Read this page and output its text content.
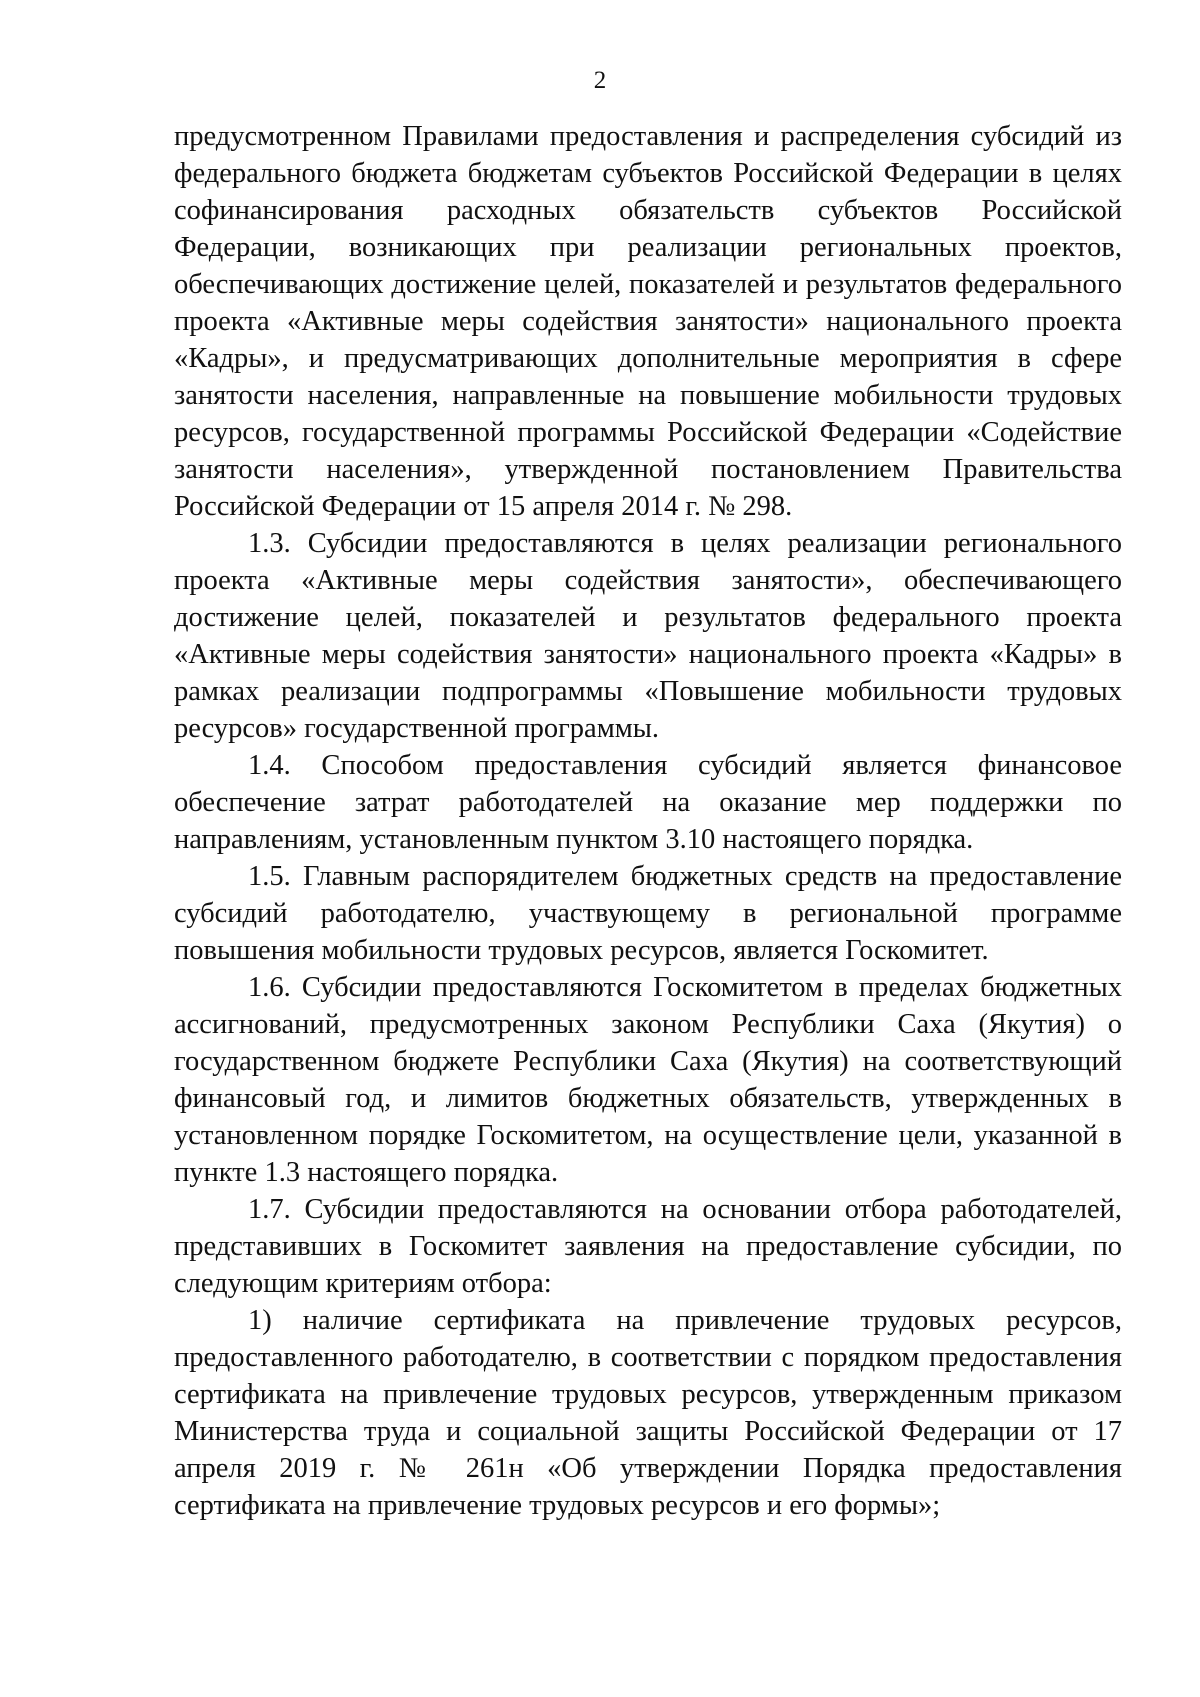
2

предусмотренном Правилами предоставления и распределения субсидий из федерального бюджета бюджетам субъектов Российской Федерации в целях софинансирования расходных обязательств субъектов Российской Федерации, возникающих при реализации региональных проектов, обеспечивающих достижение целей, показателей и результатов федерального проекта «Активные меры содействия занятости» национального проекта «Кадры», и предусматривающих дополнительные мероприятия в сфере занятости населения, направленные на повышение мобильности трудовых ресурсов, государственной программы Российской Федерации «Содействие занятости населения», утвержденной постановлением Правительства Российской Федерации от 15 апреля 2014 г. № 298.

1.3. Субсидии предоставляются в целях реализации регионального проекта «Активные меры содействия занятости», обеспечивающего достижение целей, показателей и результатов федерального проекта «Активные меры содействия занятости» национального проекта «Кадры» в рамках реализации подпрограммы «Повышение мобильности трудовых ресурсов» государственной программы.

1.4. Способом предоставления субсидий является финансовое обеспечение затрат работодателей на оказание мер поддержки по направлениям, установленным пунктом 3.10 настоящего порядка.

1.5. Главным распорядителем бюджетных средств на предоставление субсидий работодателю, участвующему в региональной программе повышения мобильности трудовых ресурсов, является Госкомитет.

1.6. Субсидии предоставляются Госкомитетом в пределах бюджетных ассигнований, предусмотренных законом Республики Саха (Якутия) о государственном бюджете Республики Саха (Якутия) на соответствующий финансовый год, и лимитов бюджетных обязательств, утвержденных в установленном порядке Госкомитетом, на осуществление цели, указанной в пункте 1.3 настоящего порядка.

1.7. Субсидии предоставляются на основании отбора работодателей, представивших в Госкомитет заявления на предоставление субсидии, по следующим критериям отбора:

1) наличие сертификата на привлечение трудовых ресурсов, предоставленного работодателю, в соответствии с порядком предоставления сертификата на привлечение трудовых ресурсов, утвержденным приказом Министерства труда и социальной защиты Российской Федерации от 17 апреля 2019 г. № 261н «Об утверждении Порядка предоставления сертификата на привлечение трудовых ресурсов и его формы»;
